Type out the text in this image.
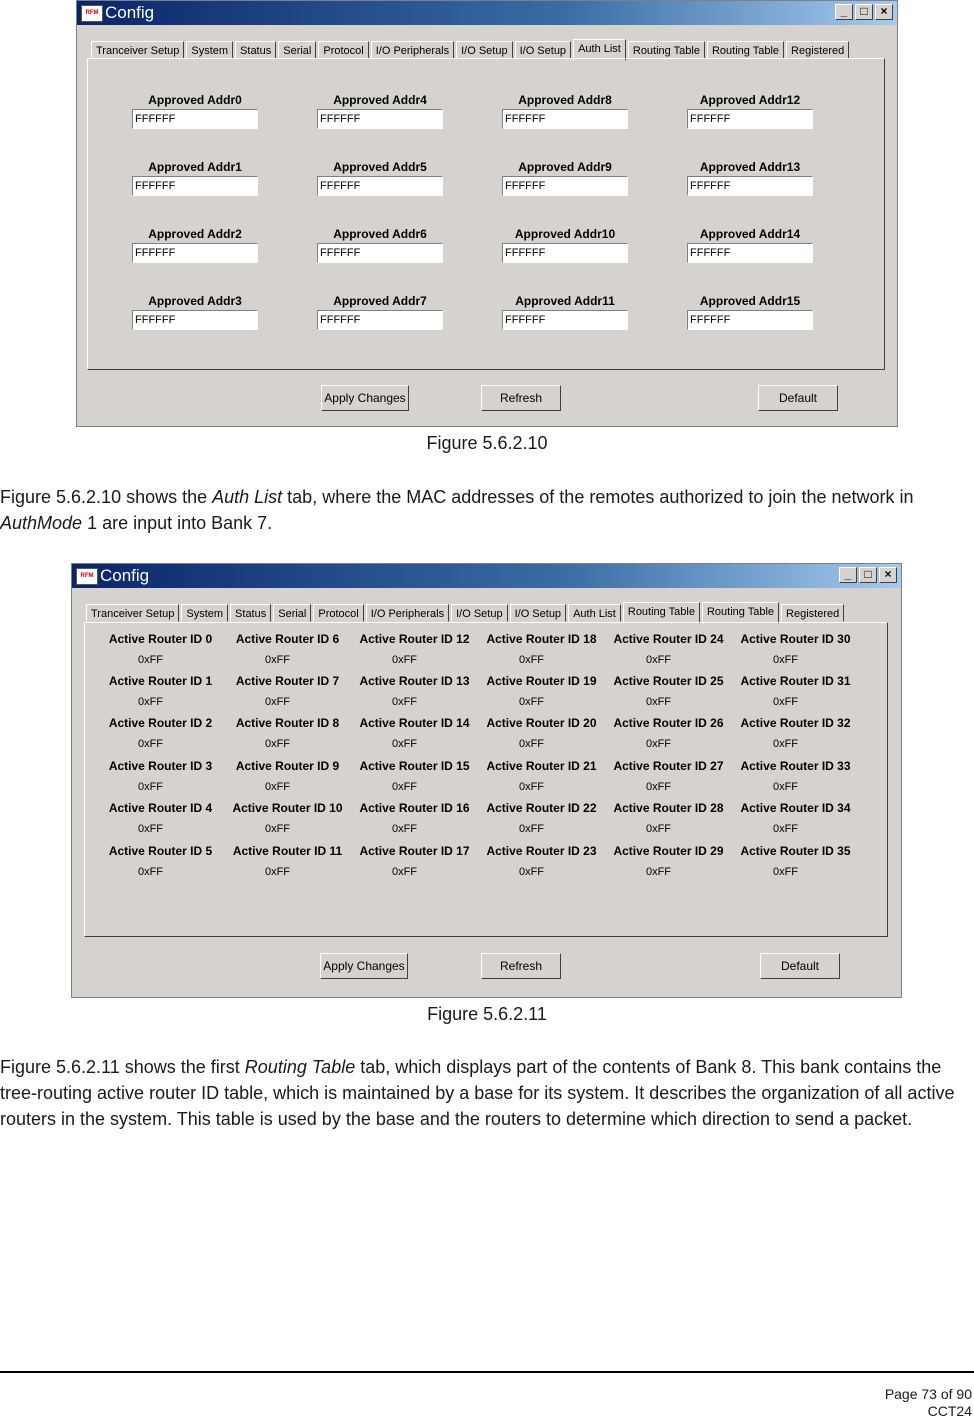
RFM Config	_	□	×
Tranceiver Setup System Status Serial Protocol I/O Peripherals I/O Setup I/O Setup Auth List Routing Table Routing Table Registered
Approved Addr0
FFFFFF
Approved Addr1
FFFFFF
Approved Addr2
FFFFFF
Approved Addr3
FFFFFF
Approved Addr4
FFFFFF
Approved Addr5
FFFFFF
Approved Addr6
FFFFFF
Approved Addr7
FFFFFF
Approved Addr8
FFFFFF
Approved Addr9
FFFFFF
Approved Addr10
FFFFFF
Approved Addr11
FFFFFF
Approved Addr12
FFFFFF
Approved Addr13
FFFFFF
Approved Addr14
FFFFFF
Approved Addr15
FFFFFF
Apply Changes	Refresh	Default
Figure 5.6.2.10
Figure 5.6.2.10 shows the Auth List tab, where the MAC addresses of the remotes authorized to join the network in AuthMode 1 are input into Bank 7.
RFM Config	_	□	×
Tranceiver Setup System Status Serial Protocol I/O Peripherals I/O Setup I/O Setup Auth List Routing Table Routing Table Registered
Active Router ID 0
0xFF
Active Router ID 1
0xFF
Active Router ID 2
0xFF
Active Router ID 3
0xFF
Active Router ID 4
0xFF
Active Router ID 5
0xFF
Active Router ID 6
0xFF
Active Router ID 7
0xFF
Active Router ID 8
0xFF
Active Router ID 9
0xFF
Active Router ID 10
0xFF
Active Router ID 11
0xFF
Active Router ID 12
0xFF
Active Router ID 13
0xFF
Active Router ID 14
0xFF
Active Router ID 15
0xFF
Active Router ID 16
0xFF
Active Router ID 17
0xFF
Active Router ID 18
0xFF
Active Router ID 19
0xFF
Active Router ID 20
0xFF
Active Router ID 21
0xFF
Active Router ID 22
0xFF
Active Router ID 23
0xFF
Active Router ID 24
0xFF
Active Router ID 25
0xFF
Active Router ID 26
0xFF
Active Router ID 27
0xFF
Active Router ID 28
0xFF
Active Router ID 29
0xFF
Active Router ID 30
0xFF
Active Router ID 31
0xFF
Active Router ID 32
0xFF
Active Router ID 33
0xFF
Active Router ID 34
0xFF
Active Router ID 35
0xFF
Apply Changes	Refresh	Default
Figure 5.6.2.11
Figure 5.6.2.11 shows the first Routing Table tab, which displays part of the contents of Bank 8. This bank contains the tree-routing active router ID table, which is maintained by a base for its system. It describes the organization of all active routers in the system. This table is used by the base and the routers to determine which direction to send a packet.
Page 73 of 90
CCT24
